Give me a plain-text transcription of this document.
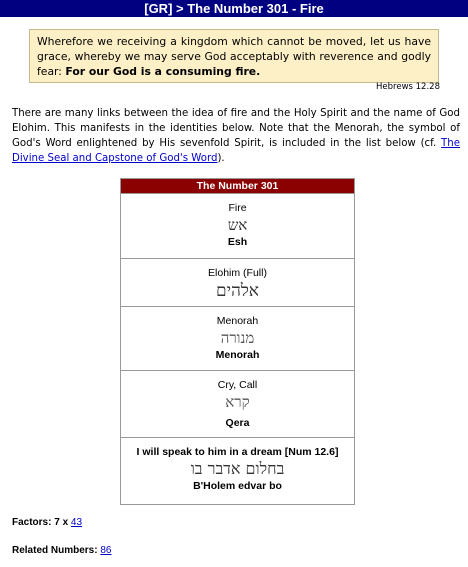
[GR] > The Number 301 - Fire
Wherefore we receiving a kingdom which cannot be moved, let us have grace, whereby we may serve God acceptably with reverence and godly fear: For our God is a consuming fire.
Hebrews 12.28
There are many links between the idea of fire and the Holy Spirit and the name of God Elohim. This manifests in the identities below. Note that the Menorah, the symbol of God's Word enlightened by His sevenfold Spirit, is included in the list below (cf. The Divine Seal and Capstone of God's Word).
The Number 301
Fire
אש
Esh
Elohim (Full)
אלהים
Menorah
מנורה
Menorah
Cry, Call
קרא
Qera
I will speak to him in a dream [Num 12.6]
בחלום אדבר בו
B'Holem edvar bo
Factors: 7 x 43
Related Numbers: 86
